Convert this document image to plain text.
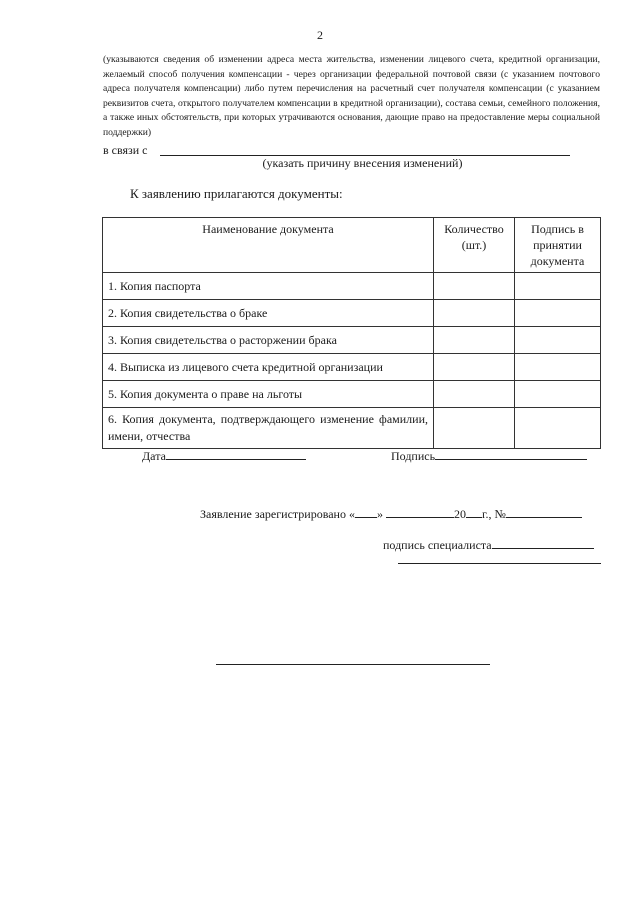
2
(указываются сведения об изменении адреса места жительства, изменении лицевого счета, кредитной организации, желаемый способ получения компенсации - через организации федеральной почтовой связи (с указанием почтового адреса получателя компенсации) либо путем перечисления на расчетный счет получателя компенсации (с указанием реквизитов счета, открытого получателем компенсации в кредитной организации), состава семьи, семейного положения, а также иных обстоятельств, при которых утрачиваются основания, дающие право на предоставление меры социальной поддержки)
в связи с
(указать причину внесения изменений)
К заявлению прилагаются документы:
Наименование документа	Количество (шт.)	Подпись в принятии документа
1. Копия паспорта		
2. Копия свидетельства о браке		
3. Копия свидетельства о расторжении брака		
4. Выписка из лицевого счета кредитной организации		
5. Копия документа о праве на льготы		
6. Копия документа, подтверждающего изменение фамилии, имени, отчества		
Дата	Подпись
Заявление зарегистрировано « »	20 г., №
подпись специалиста
